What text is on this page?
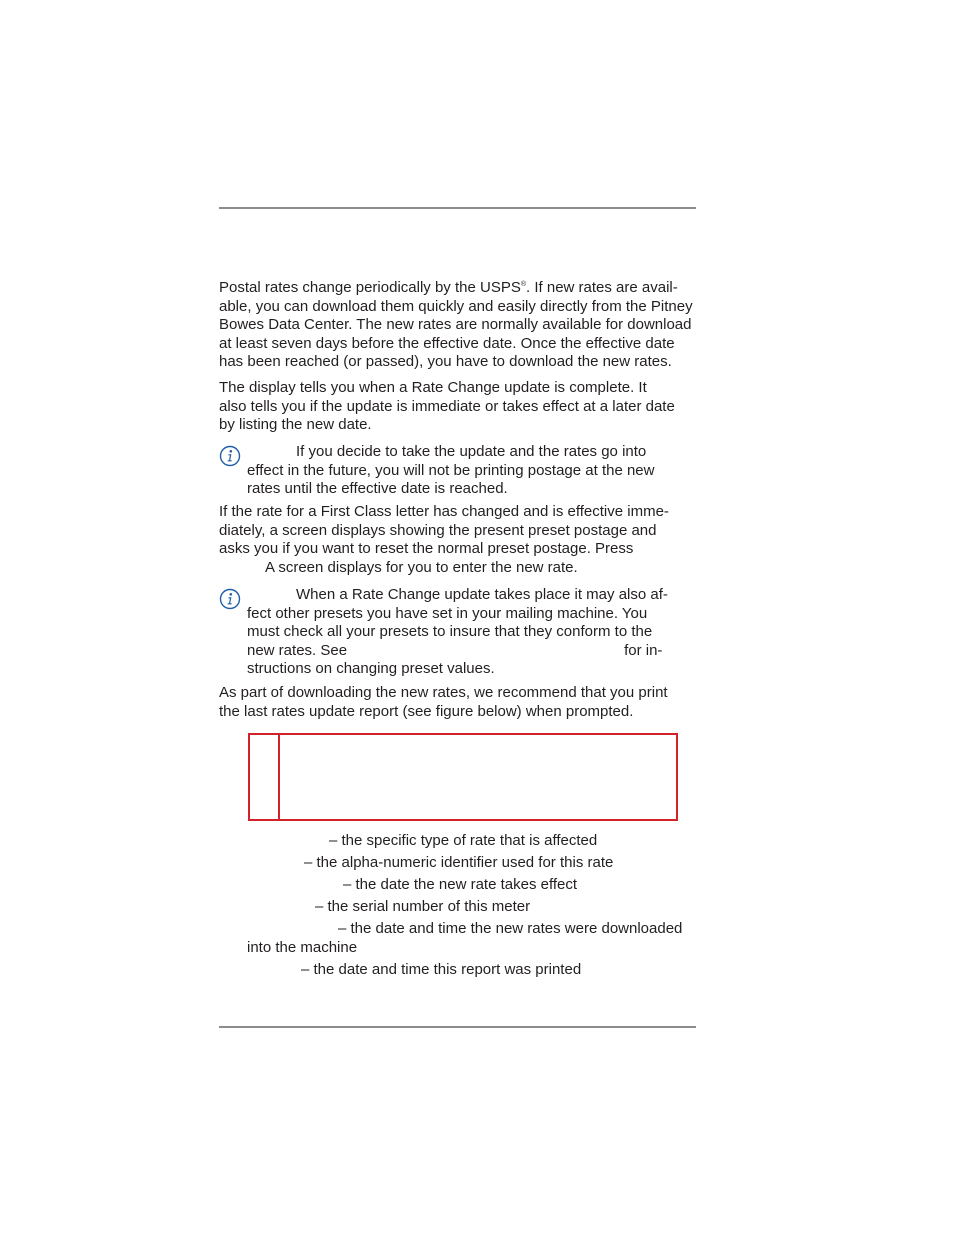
Postal rates change periodically by the USPS®. If new rates are avail-
able, you can download them quickly and easily directly from the Pitney
Bowes Data Center. The new rates are normally available for download
at least seven days before the effective date. Once the effective date
has been reached (or passed), you have to download the new rates.

The display tells you when a Rate Change update is complete. It
also tells you if the update is immediate or takes effect at a later date
by listing the new date.

If you decide to take the update and the rates go into
effect in the future, you will not be printing postage at the new
rates until the effective date is reached.

If the rate for a First Class letter has changed and is effective imme-
diately, a screen displays showing the present preset postage and
asks you if you want to reset the normal preset postage. Press
A screen displays for you to enter the new rate.

When a Rate Change update takes place it may also af-
fect other presets you have set in your mailing machine. You
must check all your presets to insure that they conform to the
new rates. See	for in-
structions on changing preset values.

As part of downloading the new rates, we recommend that you print
the last rates update report (see figure below) when prompted.

– the specific type of rate that is affected

– the alpha-numeric identifier used for this rate

– the date the new rate takes effect

– the serial number of this meter

– the date and time the new rates were downloaded

into the machine

– the date and time this report was printed
